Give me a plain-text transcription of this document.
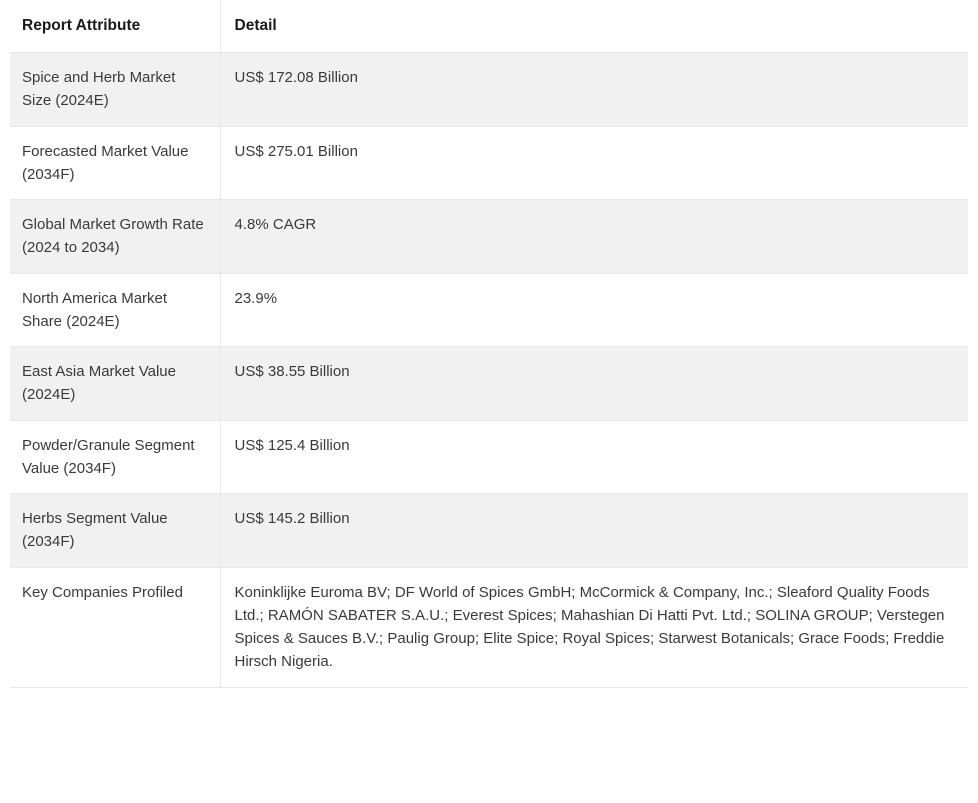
Report Attribute	Detail
Spice and Herb Market Size (2024E)	US$ 172.08 Billion
Forecasted Market Value (2034F)	US$ 275.01 Billion
Global Market Growth Rate (2024 to 2034)	4.8% CAGR
North America Market Share (2024E)	23.9%
East Asia Market Value (2024E)	US$ 38.55 Billion
Powder/Granule Segment Value (2034F)	US$ 125.4 Billion
Herbs Segment Value (2034F)	US$ 145.2 Billion
Key Companies Profiled	Koninklijke Euroma BV; DF World of Spices GmbH; McCormick & Company, Inc.; Sleaford Quality Foods Ltd.; RAMÓN SABATER S.A.U.; Everest Spices; Mahashian Di Hatti Pvt. Ltd.; SOLINA GROUP; Verstegen Spices & Sauces B.V.; Paulig Group; Elite Spice; Royal Spices; Starwest Botanicals; Grace Foods; Freddie Hirsch Nigeria.
